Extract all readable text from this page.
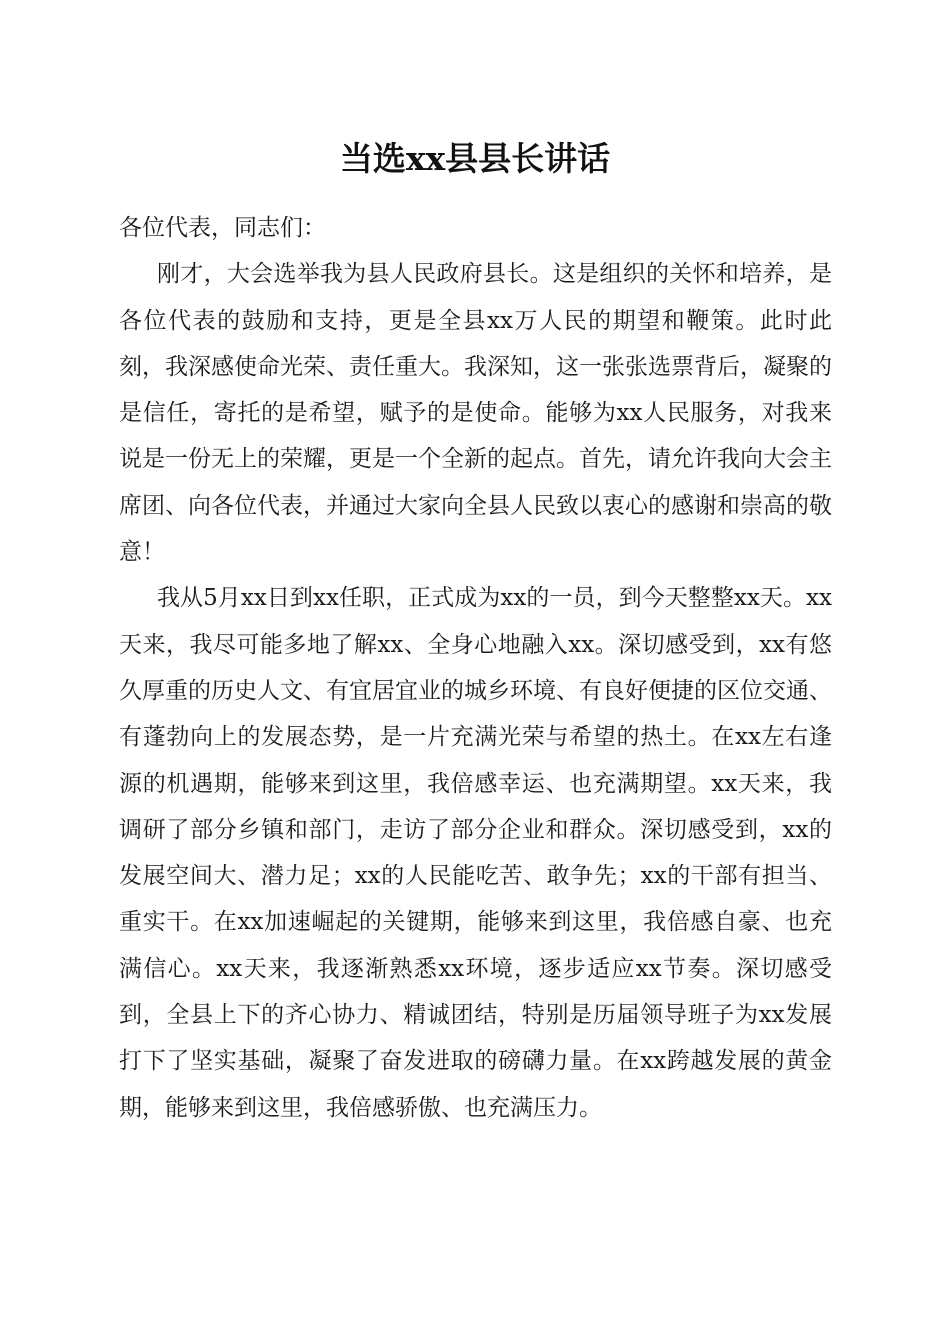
当选xx县县长讲话

各位代表，同志们：

刚才，大会选举我为县人民政府县长。这是组织的关怀和培养，是各位代表的鼓励和支持，更是全县xx万人民的期望和鞭策。此时此刻，我深感使命光荣、责任重大。我深知，这一张张选票背后，凝聚的是信任，寄托的是希望，赋予的是使命。能够为xx人民服务，对我来说是一份无上的荣耀，更是一个全新的起点。首先，请允许我向大会主席团、向各位代表，并通过大家向全县人民致以衷心的感谢和崇高的敬意！

我从5月xx日到xx任职，正式成为xx的一员，到今天整整xx天。xx天来，我尽可能多地了解xx、全身心地融入xx。深切感受到，xx有悠久厚重的历史人文、有宜居宜业的城乡环境、有良好便捷的区位交通、有蓬勃向上的发展态势，是一片充满光荣与希望的热土。在xx左右逢源的机遇期，能够来到这里，我倍感幸运、也充满期望。xx天来，我调研了部分乡镇和部门，走访了部分企业和群众。深切感受到，xx的发展空间大、潜力足；xx的人民能吃苦、敢争先；xx的干部有担当、重实干。在xx加速崛起的关键期，能够来到这里，我倍感自豪、也充满信心。xx天来，我逐渐熟悉xx环境，逐步适应xx节奏。深切感受到，全县上下的齐心协力、精诚团结，特别是历届领导班子为xx发展打下了坚实基础，凝聚了奋发进取的磅礴力量。在xx跨越发展的黄金期，能够来到这里，我倍感骄傲、也充满压力。
